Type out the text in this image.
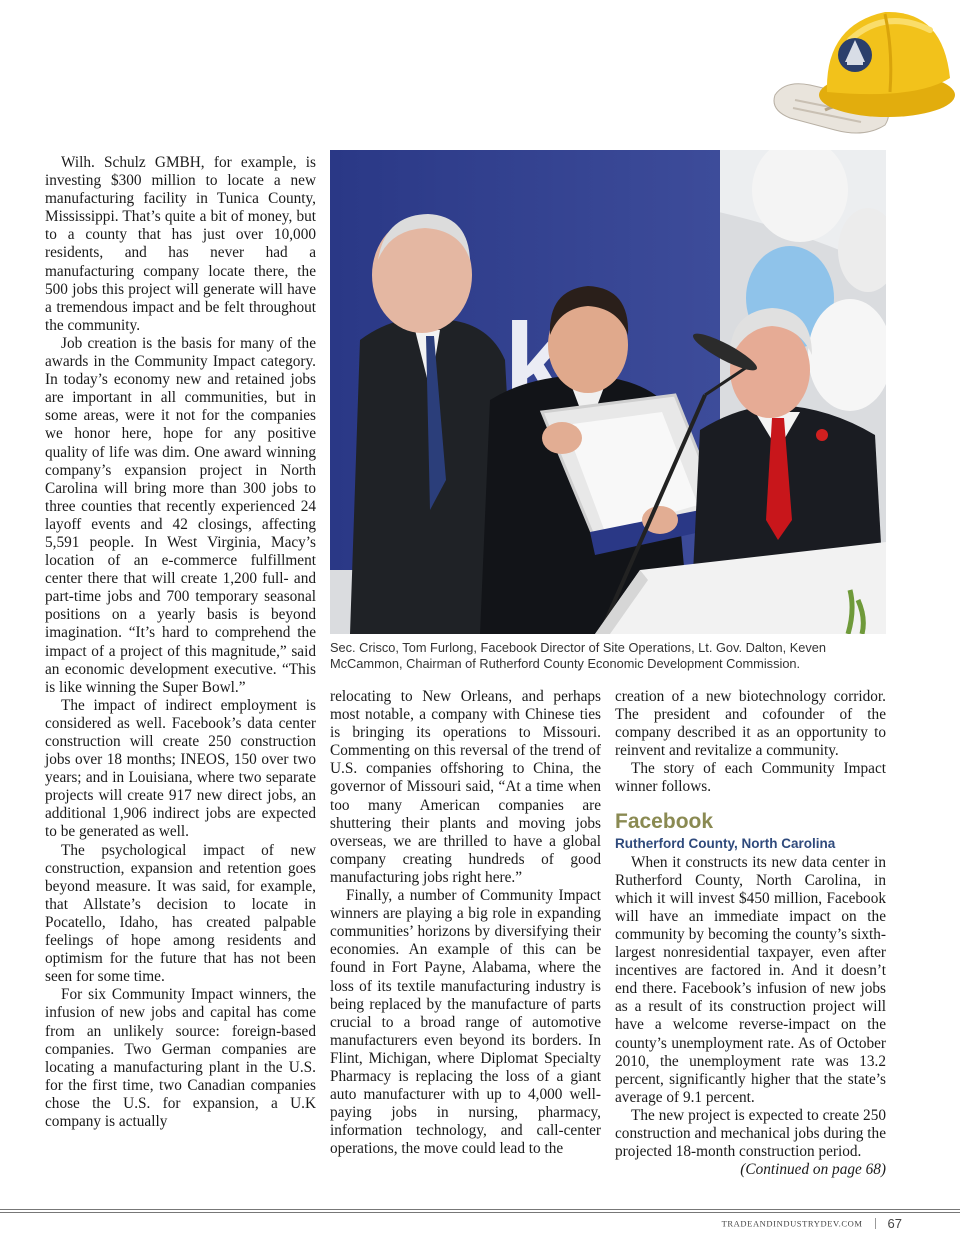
Wilh. Schulz GMBH, for example, is investing $300 million to locate a new manufacturing facility in Tunica County, Mississippi. That’s quite a bit of money, but to a county that has just over 10,000 residents, and has never had a manufacturing company locate there, the 500 jobs this project will generate will have a tremendous impact and be felt throughout the community.

Job creation is the basis for many of the awards in the Community Impact category. In today’s economy new and retained jobs are important in all communities, but in some areas, were it not for the companies we honor here, hope for any positive quality of life was dim. One award winning company’s expansion project in North Carolina will bring more than 300 jobs to three counties that recently experienced 24 layoff events and 42 closings, affecting 5,591 people. In West Virginia, Macy’s location of an e-commerce fulfillment center there that will create 1,200 full- and part-time jobs and 700 temporary seasonal positions on a yearly basis is beyond imagination. “It’s hard to comprehend the impact of a project of this magnitude,” said an economic development executive. “This is like winning the Super Bowl.”

The impact of indirect employment is considered as well. Facebook’s data center construction will create 250 construction jobs over 18 months; INEOS, 150 over two years; and in Louisiana, where two separate projects will create 917 new direct jobs, an additional 1,906 indirect jobs are expected to be generated as well.

The psychological impact of new construction, expansion and retention goes beyond measure. It was said, for example, that Allstate’s decision to locate in Pocatello, Idaho, has created palpable feelings of hope among residents and optimism for the future that has not been seen for some time.

For six Community Impact winners, the infusion of new jobs and capital has come from an unlikely source: foreign-based companies. Two German companies are locating a manufacturing plant in the U.S. for the first time, two Canadian companies chose the U.S. for expansion, a U.K company is actually

Sec. Crisco, Tom Furlong, Facebook Director of Site Operations, Lt. Gov. Dalton, Keven McCammon, Chairman of Rutherford County Economic Development Commission.

relocating to New Orleans, and perhaps most notable, a company with Chinese ties is bringing its operations to Missouri. Commenting on this reversal of the trend of U.S. companies offshoring to China, the governor of Missouri said, “At a time when too many American companies are shuttering their plants and moving jobs overseas, we are thrilled to have a global company creating hundreds of good manufacturing jobs right here.”

Finally, a number of Community Impact winners are playing a big role in expanding communities’ horizons by diversifying their economies. An example of this can be found in Fort Payne, Alabama, where the loss of its textile manufacturing industry is being replaced by the manufacture of parts crucial to a broad range of automotive manufacturers even beyond its borders. In Flint, Michigan, where Diplomat Specialty Pharmacy is replacing the loss of a giant auto manufacturer with up to 4,000 well-paying jobs in nursing, pharmacy, information technology, and call-center operations, the move could lead to the

creation of a new biotechnology corridor. The president and cofounder of the company described it as an opportunity to reinvent and revitalize a community.

The story of each Community Impact winner follows.

Facebook
Rutherford County, North Carolina

When it constructs its new data center in Rutherford County, North Carolina, in which it will invest $450 million, Facebook will have an immediate impact on the community by becoming the county’s sixth-largest nonresidential taxpayer, even after incentives are factored in. And it doesn’t end there. Facebook’s infusion of new jobs as a result of its construction project will have a welcome reverse-impact on the county’s unemployment rate. As of October 2010, the unemployment rate was 13.2 percent, significantly higher that the state’s average of 9.1 percent.

The new project is expected to create 250 construction and mechanical jobs during the projected 18-month construction period.
(Continued on page 68)

TRADEANDINDUSTRYDEV.COM 67
